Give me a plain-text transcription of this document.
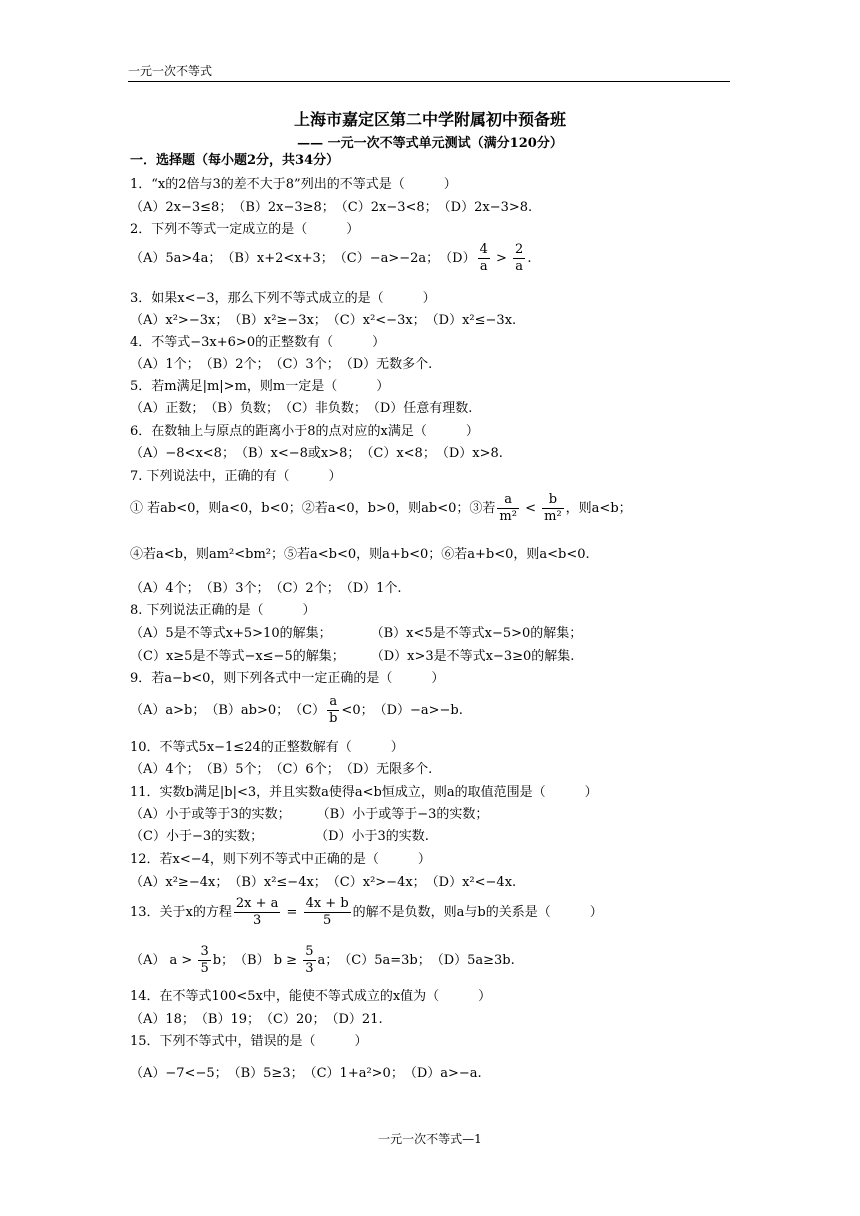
一元一次不等式
上海市嘉定区第二中学附属初中预备班
—— 一元一次不等式单元测试（满分120分）
一．选择题（每小题2分，共34分）
1．“x的2倍与3的差不大于8”列出的不等式是（　　　）
（A）2x−3≤8；　（B）2x−3≥8；　（C）2x−3<8；　（D）2x−3>8.
2．下列不等式一定成立的是（　　　）
（A）5a>4a；　（B）x+2<x+3；　（C）−a>−2a；　$(D) \frac{4}{a} > \frac{2}{a}$ .
3．如果x<−3，那么下列不等式成立的是（　　　）
（A）x²>−3x；　（B）x²≥−3x；　（C）x²<−3x；　（D）x²≤−3x.
4．不等式−3x+6>0的正整数有（　　　）
（A）1个；　（B）2个；　（C）3个；　（D）无数多个.
5．若m满足|m|>m，则m一定是（　　　）
（A）正数；　（B）负数；　（C）非负数；　（D）任意有理数.
6．在数轴上与原点的距离小于8的点对应的x满足（　　　）
（A）−8<x<8；　（B）x<−8或x>8；　（C）x<8；　（D）x>8.
7. 下列说法中，正确的有（　　　）
① 若ab<0，则a<0，b<0；②若a<0，b>0，则ab<0；③若 $\frac{a}{\text{m²}} < \frac{b}{\text{m²}}$ ，则a<b；
④若a<b，则am²<bm²；⑤若a<b<0，则a+b<0；⑥若a+b<0，则a<b<0.
（A）4个；　（B）3个；　（C）2个；　（D）1个.
8. 下列说法正确的是（　　　）
（A）5是不等式x+5>10的解集；　　　　（B）x<5是不等式x−5>0的解集；
（C）x≥5是不等式−x≤−5的解集；　　　（D）x>3是不等式x−3≥0的解集.
9．若a−b<0，则下列各式中一定正确的是（　　　）
（A）a>b；　（B）ab>0；　$(C) \frac{a}{b} <0$；　（D）−a>−b.
10．不等式5x−1≤24的正整数解有（　　　）
（A）4个；　（B）5个；　（C）6个；　（D）无限多个.
11．实数b满足|b|<3，并且实数a使得a<b恒成立，则a的取值范围是（　　　）
（A）小于或等于3的实数；　　　（B）小于或等于−3的实数；
（C）小于−3的实数；　　　　　（D）小于3的实数.
12．若x<−4，则下列不等式中正确的是（　　　）
（A）x²≥−4x；　（B）x²≤−4x；　（C）x²>−4x；　（D）x²<−4x.
13．关于x的方程 $\frac{2x + a}{3} = \frac{4x + b}{5}$ 的解不是负数，则a与b的关系是（　　　）
（A） $a > \frac{3}{5}$ b；　（B） $b \ge \frac{5}{3}$ a；　（C）5a=3b；　（D）5a≥3b.
14．在不等式100<5x中，能使不等式成立的x值为（　　　）
（A）18；　（B）19；　（C）20；　（D）21.
15．下列不等式中，错误的是（　　　）
（A）−7<−5；　（B）5≥3；　（C）1+a²>0；　（D）a>−a.
一元一次不等式—1
